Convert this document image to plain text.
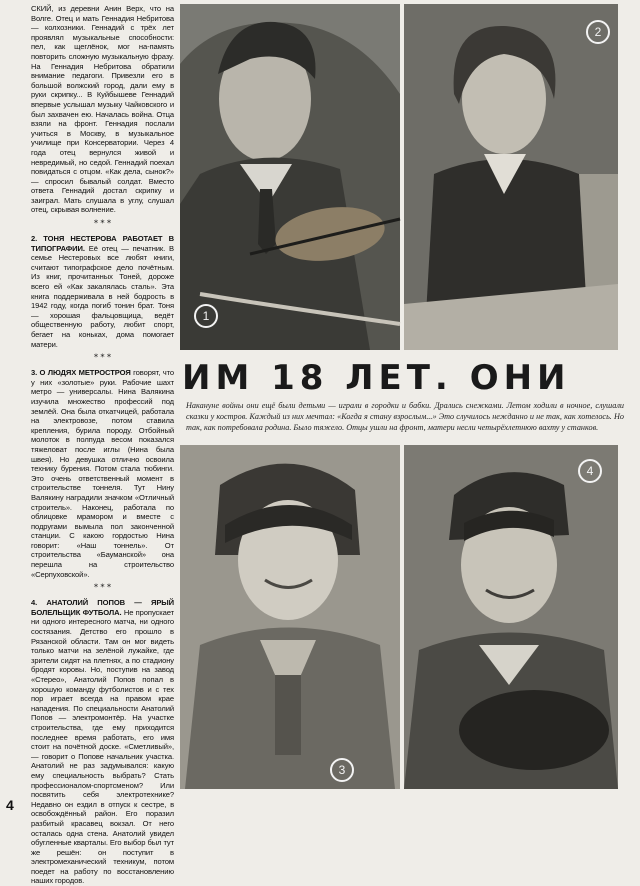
СКИЙ, из деревни Анин Верх, что на Волге. Отец и мать Геннадия Небритова — колхозники. Геннадий с трёх лет проявлял музыкальные способности: пел, как щеглёнок, мог на-память повторить сложную музыкальную фразу. На Геннадия Небритова обратили внимание педагоги. Привезли его в большой волжский город, дали ему в руки скрипку... В Куйбышеве Геннадий впервые услышал музыку Чайковского и был захвачен ею. Началась война. Отца взяли на фронт. Геннадия послали учиться в Москву, в музыкальное училище при Консерватории. Через 4 года отец вернулся живой и невредимый, но седой. Геннадий поехал повидаться с отцом. «Как дела, сынок?» — спросил бывалый солдат. Вместо ответа Геннадий достал скрипку и заиграл. Мать слушала в углу, слушал отец, скрывая волнение.

* * *

2. ТОНЯ НЕСТЕРОВА РАБОТАЕТ В ТИПОГРАФИИ. Её отец — печатник. В семье Нестеровых все любят книги, считают типографское дело почётным. Из книг, прочитанных Тоней, дороже всего ей «Как закалялась сталь». Эта книга поддерживала в ней бодрость в 1942 году, когда погиб тонин брат. Тоня — хорошая фальцовщица, ведёт общественную работу, любит спорт, бегает на коньках, дома помогает матери.

* * *

3. О ЛЮДЯХ МЕТРОСТРОЯ говорят, что у них «золотые» руки. Рабочие шахт метро — универсалы. Нина Валякина изучила множество профессий под землёй. Она была откатчицей, работала на электровозе, потом ставила крепления, бурила породу. Отбойный молоток в полпуда весом показался тяжеловат после иглы (Нина была швея). Но девушка отлично освоила технику бурения. Потом стала тюбинги. Это очень ответственный момент в строительстве тоннеля. Тут Нину Валякину наградили значком «Отличный строитель». Наконец, работала по облицовке мрамором и вместе с подругами вымыла пол законченной станции. С какою гордостью Нина говорит: «Наш тоннель». От строительства «Бауманской» она перешла на строительство «Серпуховской».

* * *

4. АНАТОЛИЙ ПОПОВ — ЯРЫЙ БОЛЕЛЬЩИК ФУТБОЛА. Не пропускает ни одного интересного матча, ни одного состязания. Детство его прошло в Рязанской области. Там он мог видеть только матчи на зелёной лужайке, где зрители сидят на плетнях, а по стадиону бродят коровы. Но, поступив на завод «Стерео», Анатолий Попов попал в хорошую команду футболистов и с тех пор играет всегда на правом крае нападения. По специальности Анатолий Попов — электромонтёр. На участке строительства, где ему приходится последнее время работать, его имя стоит на почётной доске. «Сметливый», — говорит о Попове начальник участка. Анатолий не раз задумывался: какую ему специальность выбрать? Стать профессионалом-спортсменом? Или посвятить себя электротехнике? Недавно он ездил в отпуск к сестре, в освобождённый район. Его поразил разбитый красавец вокзал. От него осталась одна стена. Анатолий увидел обугленные кварталы. Его выбор был тут же решён: он поступит в электромеханический техникум, потом поедет на работу по восстановлению наших городов.

1
2
ИМ 18 ЛЕТ. ОНИ
Накануне войны они ещё были детьми — играли в городки и бабки. Дрались снежками. Летом ходили в ночное, слушали сказки у костров. Каждый из них мечтал: «Когда я стану взрослым...» Это случилось нежданно и не так, как хотелось. Но так, как потребовала родина. Было тяжело. Отцы ушли на фронт, матери несли четырёхлетнюю вахту у станков.
3
4
4
